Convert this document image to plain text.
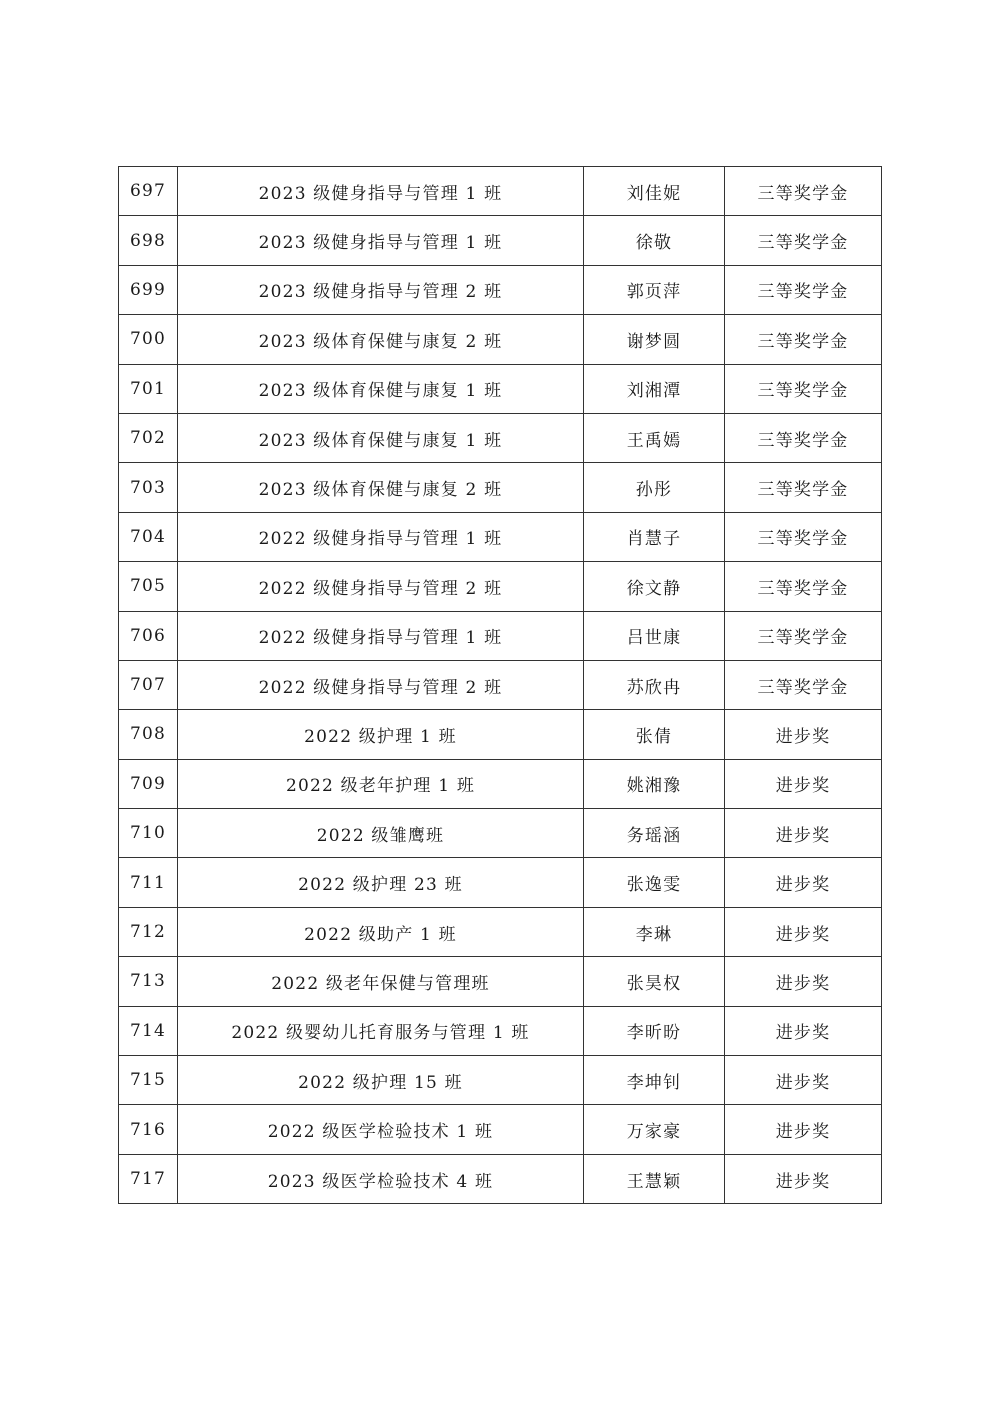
697	2023 级健身指导与管理 1 班	刘佳妮	三等奖学金
698	2023 级健身指导与管理 1 班	徐敬	三等奖学金
699	2023 级健身指导与管理 2 班	郭页萍	三等奖学金
700	2023 级体育保健与康复 2 班	谢梦圆	三等奖学金
701	2023 级体育保健与康复 1 班	刘湘潭	三等奖学金
702	2023 级体育保健与康复 1 班	王禹嫣	三等奖学金
703	2023 级体育保健与康复 2 班	孙彤	三等奖学金
704	2022 级健身指导与管理 1 班	肖慧子	三等奖学金
705	2022 级健身指导与管理 2 班	徐文静	三等奖学金
706	2022 级健身指导与管理 1 班	吕世康	三等奖学金
707	2022 级健身指导与管理 2 班	苏欣冉	三等奖学金
708	2022 级护理 1 班	张倩	进步奖
709	2022 级老年护理 1 班	姚湘豫	进步奖
710	2022 级雏鹰班	务瑶涵	进步奖
711	2022 级护理 23 班	张逸雯	进步奖
712	2022 级助产 1 班	李琳	进步奖
713	2022 级老年保健与管理班	张昊权	进步奖
714	2022 级婴幼儿托育服务与管理 1 班	李昕昐	进步奖
715	2022 级护理 15 班	李坤钊	进步奖
716	2022 级医学检验技术 1 班	万家豪	进步奖
717	2023 级医学检验技术 4 班	王慧颖	进步奖
